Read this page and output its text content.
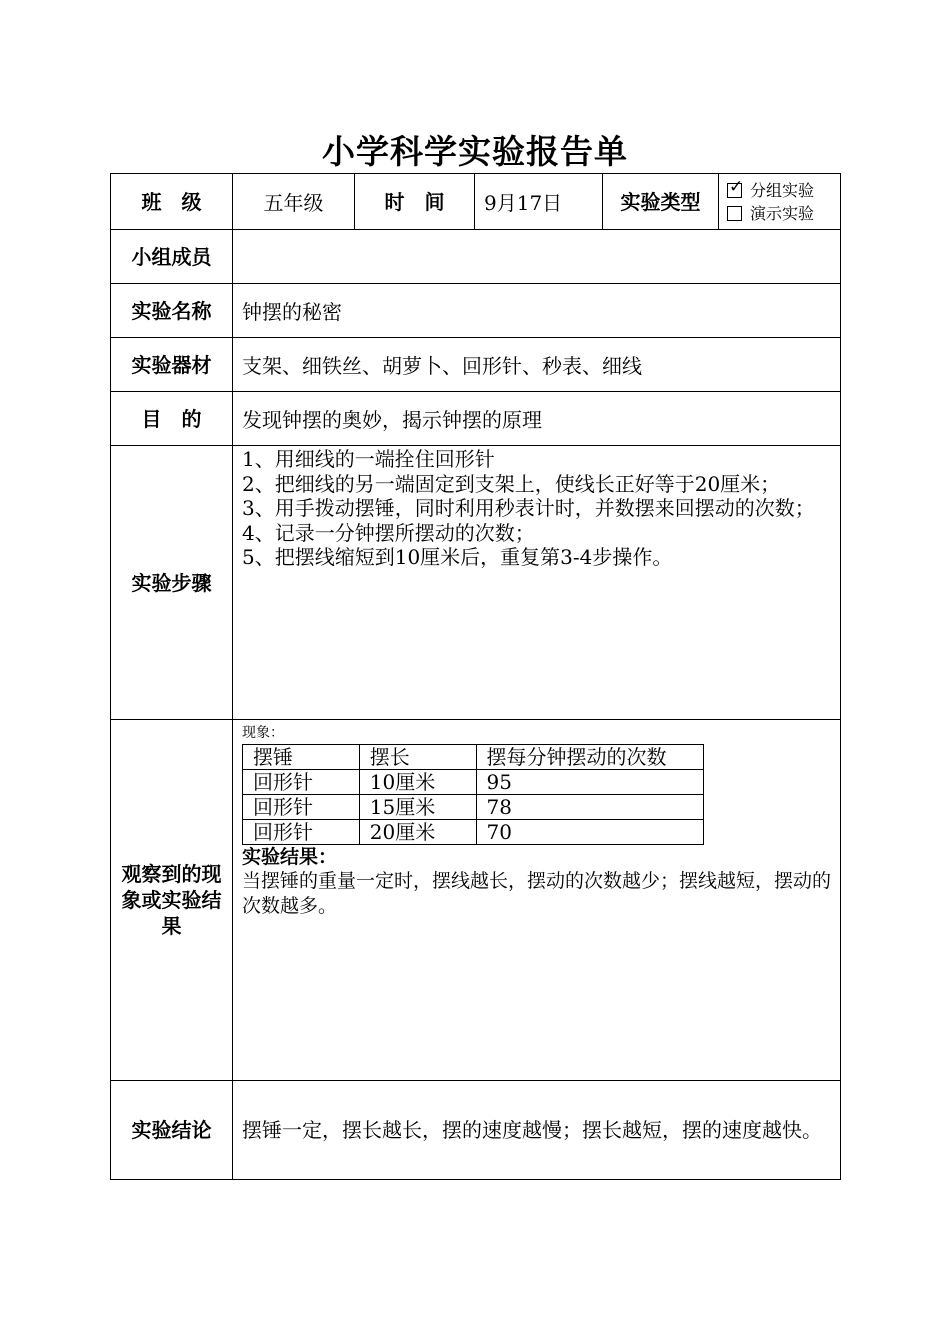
小学科学实验报告单
班　级	五年级	时　间	9月17日	实验类型	
✓ 分组实验
演示实验

小组成员	
实验名称	钟摆的秘密
实验器材	支架、细铁丝、胡萝卜、回形针、秒表、细线
目　的	发现钟摆的奥妙，揭示钟摆的原理
实验步骤	
1、用细线的一端拴住回形针
2、把细线的另一端固定到支架上，使线长正好等于20厘米；
3、用手拨动摆锤，同时利用秒表计时，并数摆来回摆动的次数；
4、记录一分钟摆所摆动的次数；
5、把摆线缩短到10厘米后，重复第3-4步操作。

观察到的现象或实验结果	
现象：
摆锤	摆长	摆每分钟摆动的次数
回形针	10厘米	95
回形针	15厘米	78
回形针	20厘米	70
实验结果：
当摆锤的重量一定时，摆线越长，摆动的次数越少；摆线越短，摆动的次数越多。

实验结论	摆锤一定，摆长越长，摆的速度越慢；摆长越短，摆的速度越快。
